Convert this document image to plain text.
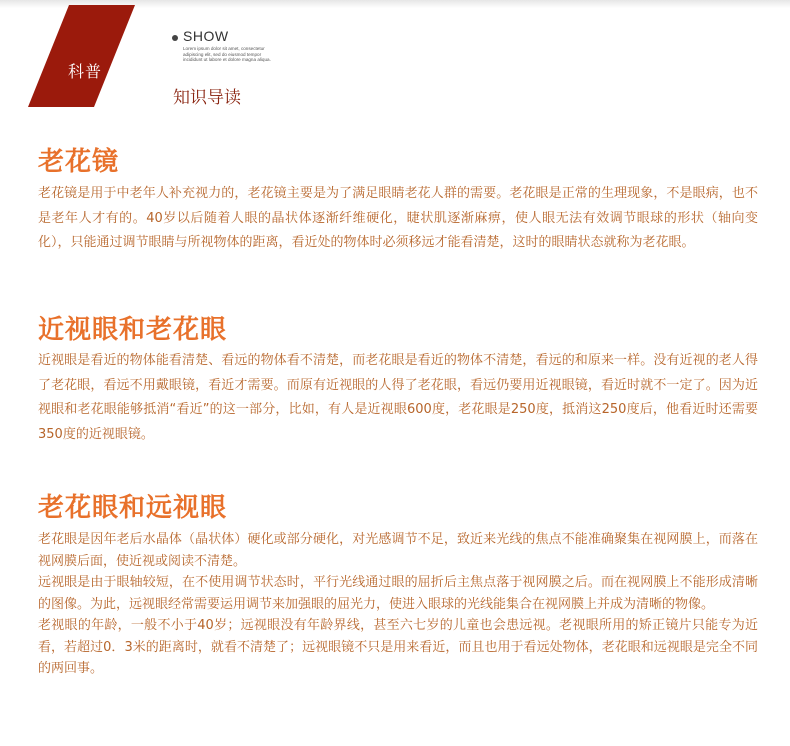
科普
SHOW
Lorem ipsum dolor sit amet, consectetur adipiscing elit, sed do eiusmod tempor incididunt ut labore et dolore magna aliqua.
知识导读
老花镜

老花镜是用于中老年人补充视力的，老花镜主要是为了满足眼睛老花人群的需要。老花眼是正常的生理现象，不是眼病，也不是老年人才有的。40岁以后随着人眼的晶状体逐渐纤维硬化，睫状肌逐渐麻痹，使人眼无法有效调节眼球的形状（轴向变化），只能通过调节眼睛与所视物体的距离，看近处的物体时必须移远才能看清楚，这时的眼睛状态就称为老花眼。

近视眼和老花眼

近视眼是看近的物体能看清楚、看远的物体看不清楚，而老花眼是看近的物体不清楚，看远的和原来一样。没有近视的老人得了老花眼，看远不用戴眼镜，看近才需要。而原有近视眼的人得了老花眼，看远仍要用近视眼镜，看近时就不一定了。因为近视眼和老花眼能够抵消“看近”的这一部分，比如，有人是近视眼600度，老花眼是250度，抵消这250度后，他看近时还需要350度的近视眼镜。

老花眼和远视眼

老花眼是因年老后水晶体（晶状体）硬化或部分硬化，对光感调节不足，致近来光线的焦点不能准确聚集在视网膜上，而落在视网膜后面，使近视或阅读不清楚。

远视眼是由于眼轴较短，在不使用调节状态时，平行光线通过眼的屈折后主焦点落于视网膜之后。而在视网膜上不能形成清晰的图像。为此，远视眼经常需要运用调节来加强眼的屈光力，使进入眼球的光线能集合在视网膜上并成为清晰的物像。

老视眼的年龄，一般不小于40岁；远视眼没有年龄界线，甚至六七岁的儿童也会患远视。老视眼所用的矫正镜片只能专为近看，若超过0．3米的距离时，就看不清楚了；远视眼镜不只是用来看近，而且也用于看远处物体，老花眼和远视眼是完全不同的两回事。
